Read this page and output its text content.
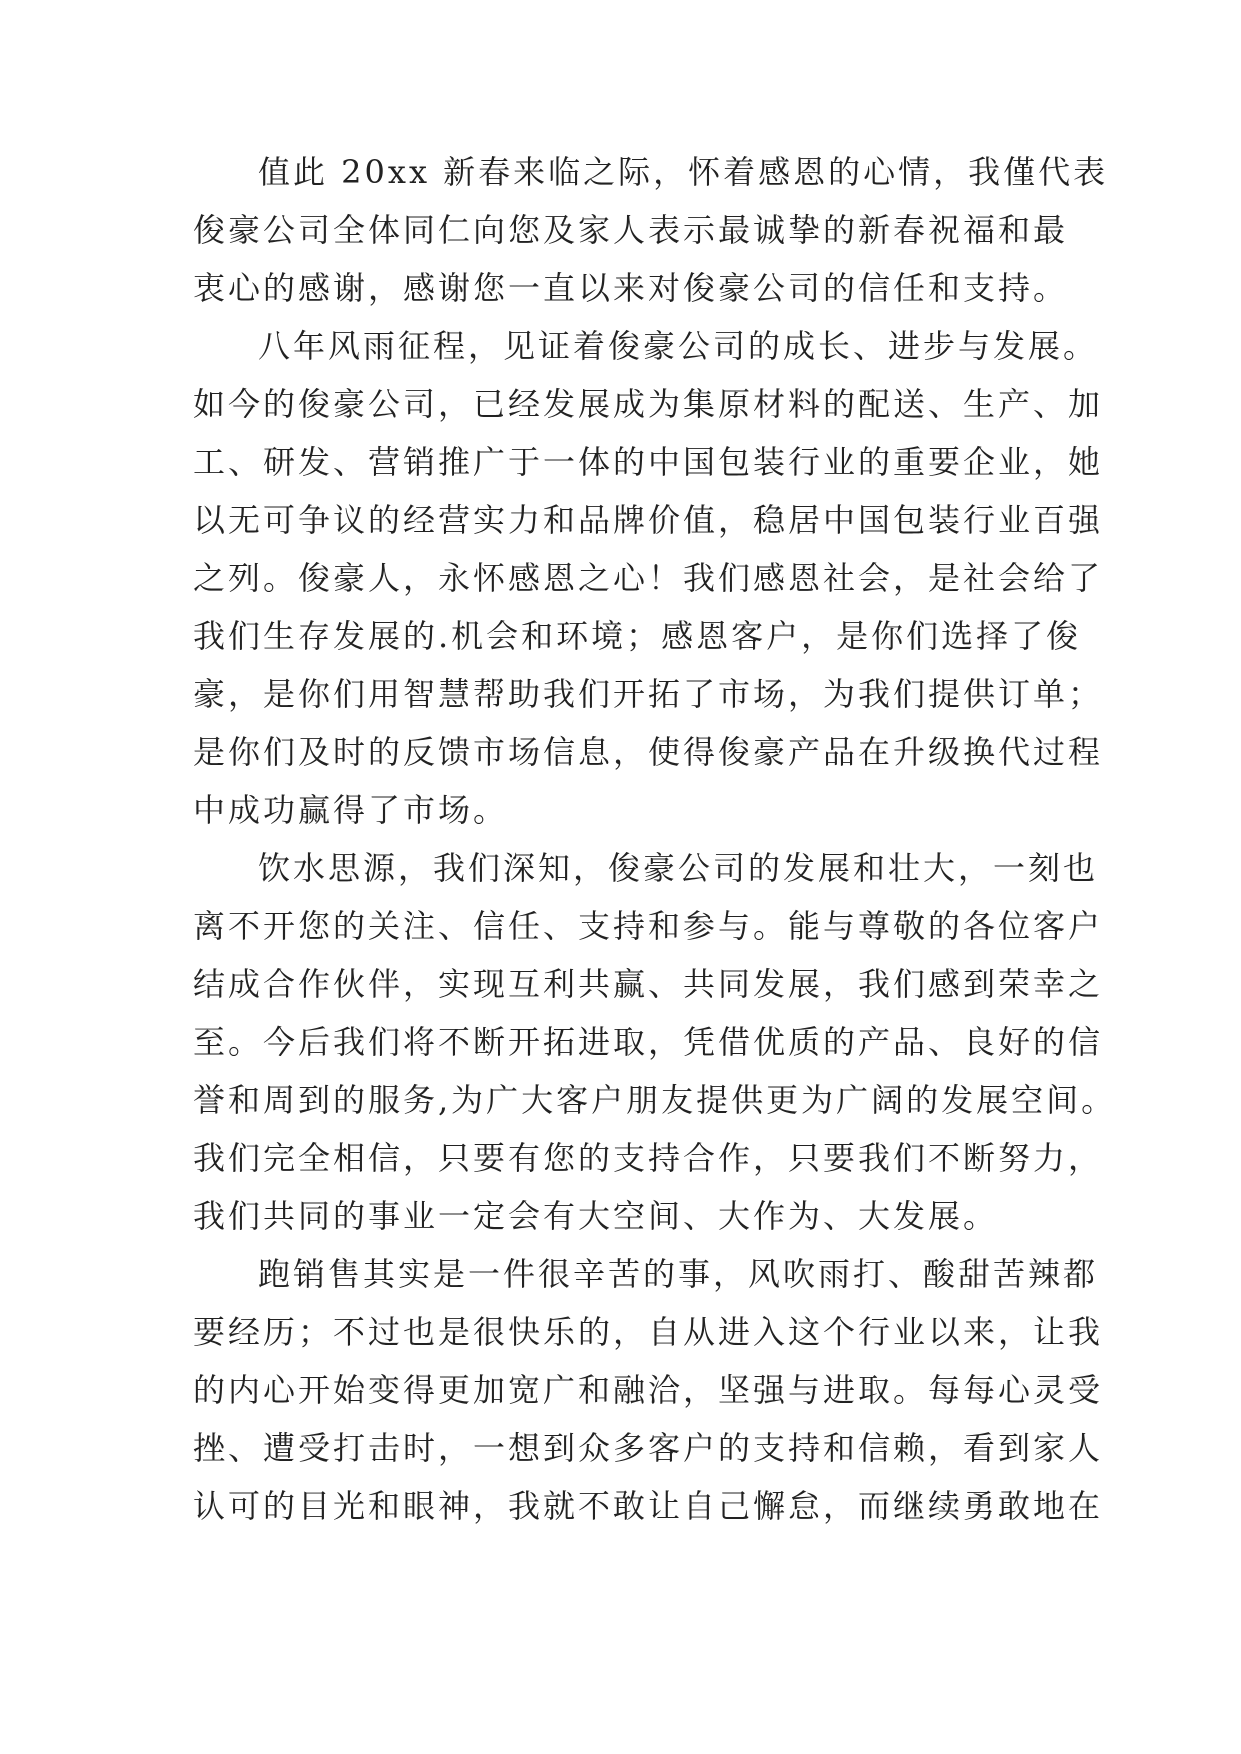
值此 20xx 新春来临之际，怀着感恩的心情，我僅代表
俊豪公司全体同仁向您及家人表示最诚挚的新春祝福和最
衷心的感谢，感谢您一直以来对俊豪公司的信任和支持。
八年风雨征程，见证着俊豪公司的成长、进步与发展。
如今的俊豪公司，已经发展成为集原材料的配送、生产、加
工、研发、营销推广于一体的中国包装行业的重要企业，她
以无可争议的经营实力和品牌价值，稳居中国包装行业百强
之列。俊豪人，永怀感恩之心！我们感恩社会，是社会给了
我们生存发展的.机会和环境；感恩客户，是你们选择了俊
豪，是你们用智慧帮助我们开拓了市场，为我们提供订单；
是你们及时的反馈市场信息，使得俊豪产品在升级换代过程
中成功赢得了市场。
饮水思源，我们深知，俊豪公司的发展和壮大，一刻也
离不开您的关注、信任、支持和参与。能与尊敬的各位客户
结成合作伙伴，实现互利共赢、共同发展，我们感到荣幸之
至。今后我们将不断开拓进取，凭借优质的产品、良好的信
誉和周到的服务,为广大客户朋友提供更为广阔的发展空间。
我们完全相信，只要有您的支持合作，只要我们不断努力，
我们共同的事业一定会有大空间、大作为、大发展。
跑销售其实是一件很辛苦的事，风吹雨打、酸甜苦辣都
要经历；不过也是很快乐的，自从进入这个行业以来，让我
的内心开始变得更加宽广和融洽，坚强与进取。每每心灵受
挫、遭受打击时，一想到众多客户的支持和信赖，看到家人
认可的目光和眼神，我就不敢让自己懈怠，而继续勇敢地在
